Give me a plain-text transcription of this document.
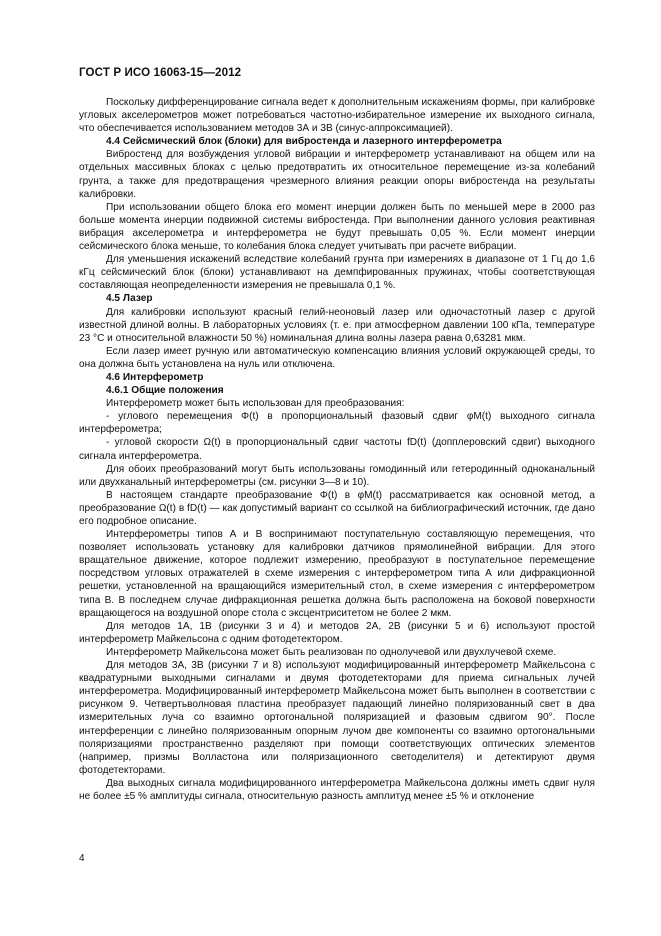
ГОСТ Р ИСО 16063-15—2012

Поскольку дифференцирование сигнала ведет к дополнительным искажениям формы, при калибровке угловых акселерометров может потребоваться частотно-избирательное измерение их выходного сигнала, что обеспечивается использованием методов 3А и 3В (синус-аппроксимацией).

4.4 Сейсмический блок (блоки) для вибростенда и лазерного интерферометра

Вибростенд для возбуждения угловой вибрации и интерферометр устанавливают на общем или на отдельных массивных блоках с целью предотвратить их относительное перемещение из-за колебаний грунта, а также для предотвращения чрезмерного влияния реакции опоры вибростенда на результаты калибровки.

При использовании общего блока его момент инерции должен быть по меньшей мере в 2000 раз больше момента инерции подвижной системы вибростенда. При выполнении данного условия реактивная вибрация акселерометра и интерферометра не будут превышать 0,05 %. Если момент инерции сейсмического блока меньше, то колебания блока следует учитывать при расчете вибрации.

Для уменьшения искажений вследствие колебаний грунта при измерениях в диапазоне от 1 Гц до 1,6 кГц сейсмический блок (блоки) устанавливают на демпфированных пружинах, чтобы соответствующая составляющая неопределенности измерения не превышала 0,1 %.

4.5 Лазер

Для калибровки используют красный гелий-неоновый лазер или одночастотный лазер с другой известной длиной волны. В лабораторных условиях (т. е. при атмосферном давлении 100 кПа, температуре 23 °С и относительной влажности 50 %) номинальная длина волны лазера равна 0,63281 мкм.

Если лазер имеет ручную или автоматическую компенсацию влияния условий окружающей среды, то она должна быть установлена на нуль или отключена.

4.6 Интерферометр

4.6.1 Общие положения

Интерферометр может быть использован для преобразования:

- углового перемещения Φ(t) в пропорциональный фазовый сдвиг φM(t) выходного сигнала интерферометра;

- угловой скорости Ω(t) в пропорциональный сдвиг частоты fD(t) (допплеровский сдвиг) выходного сигнала интерферометра.

Для обоих преобразований могут быть использованы гомодинный или гетеродинный одноканальный или двухканальный интерферометры (см. рисунки 3—8 и 10).

В настоящем стандарте преобразование Φ(t) в φM(t) рассматривается как основной метод, а преобразование Ω(t) в fD(t) — как допустимый вариант со ссылкой на библиографический источник, где дано его подробное описание.

Интерферометры типов А и В воспринимают поступательную составляющую перемещения, что позволяет использовать установку для калибровки датчиков прямолинейной вибрации. Для этого вращательное движение, которое подлежит измерению, преобразуют в поступательное перемещение посредством угловых отражателей в схеме измерения с интерферометром типа А или дифракционной решетки, установленной на вращающийся измерительный стол, в схеме измерения с интерферометром типа В. В последнем случае дифракционная решетка должна быть расположена на боковой поверхности вращающегося на воздушной опоре стола с эксцентриситетом не более 2 мкм.

Для методов 1А, 1В (рисунки 3 и 4) и методов 2А, 2В (рисунки 5 и 6) используют простой интерферометр Майкельсона с одним фотодетектором.

Интерферометр Майкельсона может быть реализован по однолучевой или двухлучевой схеме.

Для методов 3А, 3В (рисунки 7 и 8) используют модифицированный интерферометр Майкельсона с квадратурными выходными сигналами и двумя фотодетекторами для приема сигнальных лучей интерферометра. Модифицированный интерферометр Майкельсона может быть выполнен в соответствии с рисунком 9. Четвертьволновая пластина преобразует падающий линейно поляризованный свет в два измерительных луча со взаимно ортогональной поляризацией и фазовым сдвигом 90°. После интерференции с линейно поляризованным опорным лучом две компоненты со взаимно ортогональными поляризациями пространственно разделяют при помощи соответствующих оптических элементов (например, призмы Волластона или поляризационного светоделителя) и детектируют двумя фотодетекторами.

Два выходных сигнала модифицированного интерферометра Майкельсона должны иметь сдвиг нуля не более ±5 % амплитуды сигнала, относительную разность амплитуд менее ±5 % и отклонение

4
